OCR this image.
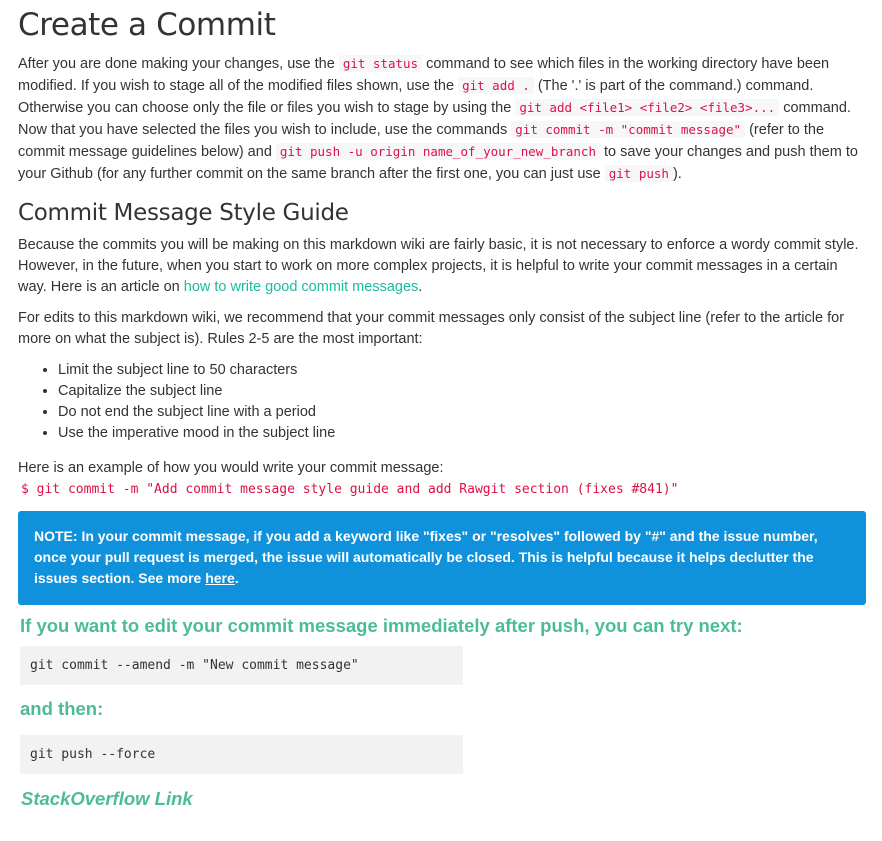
Create a Commit

After you are done making your changes, use the git status command to see which files in the working directory have been modified. If you wish to stage all of the modified files shown, use the git add . (The '.' is part of the command.) command. Otherwise you can choose only the file or files you wish to stage by using the git add <file1> <file2> <file3>... command. Now that you have selected the files you wish to include, use the commands git commit -m "commit message" (refer to the commit message guidelines below) and git push -u origin name_of_your_new_branch to save your changes and push them to your Github (for any further commit on the same branch after the first one, you can just use git push ).

Commit Message Style Guide

Because the commits you will be making on this markdown wiki are fairly basic, it is not necessary to enforce a wordy commit style. However, in the future, when you start to work on more complex projects, it is helpful to write your commit messages in a certain way. Here is an article on how to write good commit messages.

For edits to this markdown wiki, we recommend that your commit messages only consist of the subject line (refer to the article for more on what the subject is). Rules 2-5 are the most important:

• Limit the subject line to 50 characters
• Capitalize the subject line
• Do not end the subject line with a period
• Use the imperative mood in the subject line
Here is an example of how you would write your commit message:
$ git commit -m "Add commit message style guide and add Rawgit section (fixes #841)"
NOTE: In your commit message, if you add a keyword like "fixes" or "resolves" followed by "#" and the issue number, once your pull request is merged, the issue will automatically be closed. This is helpful because it helps declutter the issues section. See more here.
If you want to edit your commit message immediately after push, you can try next:
git commit --amend -m "New commit message"
and then:
git push --force
StackOverflow Link
